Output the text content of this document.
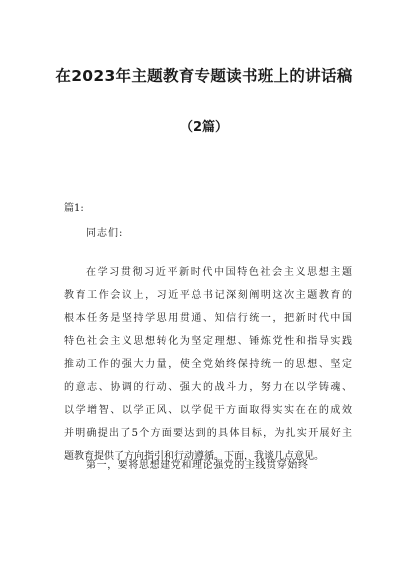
在2023年主题教育专题读书班上的讲话稿
（2篇）
篇1:
同志们:
在学习贯彻习近平新时代中国特色社会主义思想主题
教育工作会议上，习近平总书记深刻阐明这次主题教育的
根本任务是坚持学思用贯通、知信行统一，把新时代中国
特色社会主义思想转化为坚定理想、锤炼党性和指导实践
推动工作的强大力量，使全党始终保持统一的思想、坚定
的意志、协调的行动、强大的战斗力，努力在以学铸魂、
以学增智、以学正风、以学促干方面取得实实在在的成效
并明确提出了5个方面要达到的具体目标，为扎实开展好主
题教育提供了方向指引和行动遵循。下面，我谈几点意见。
第一，要将思想建党和理论强党的主线贯穿始终
